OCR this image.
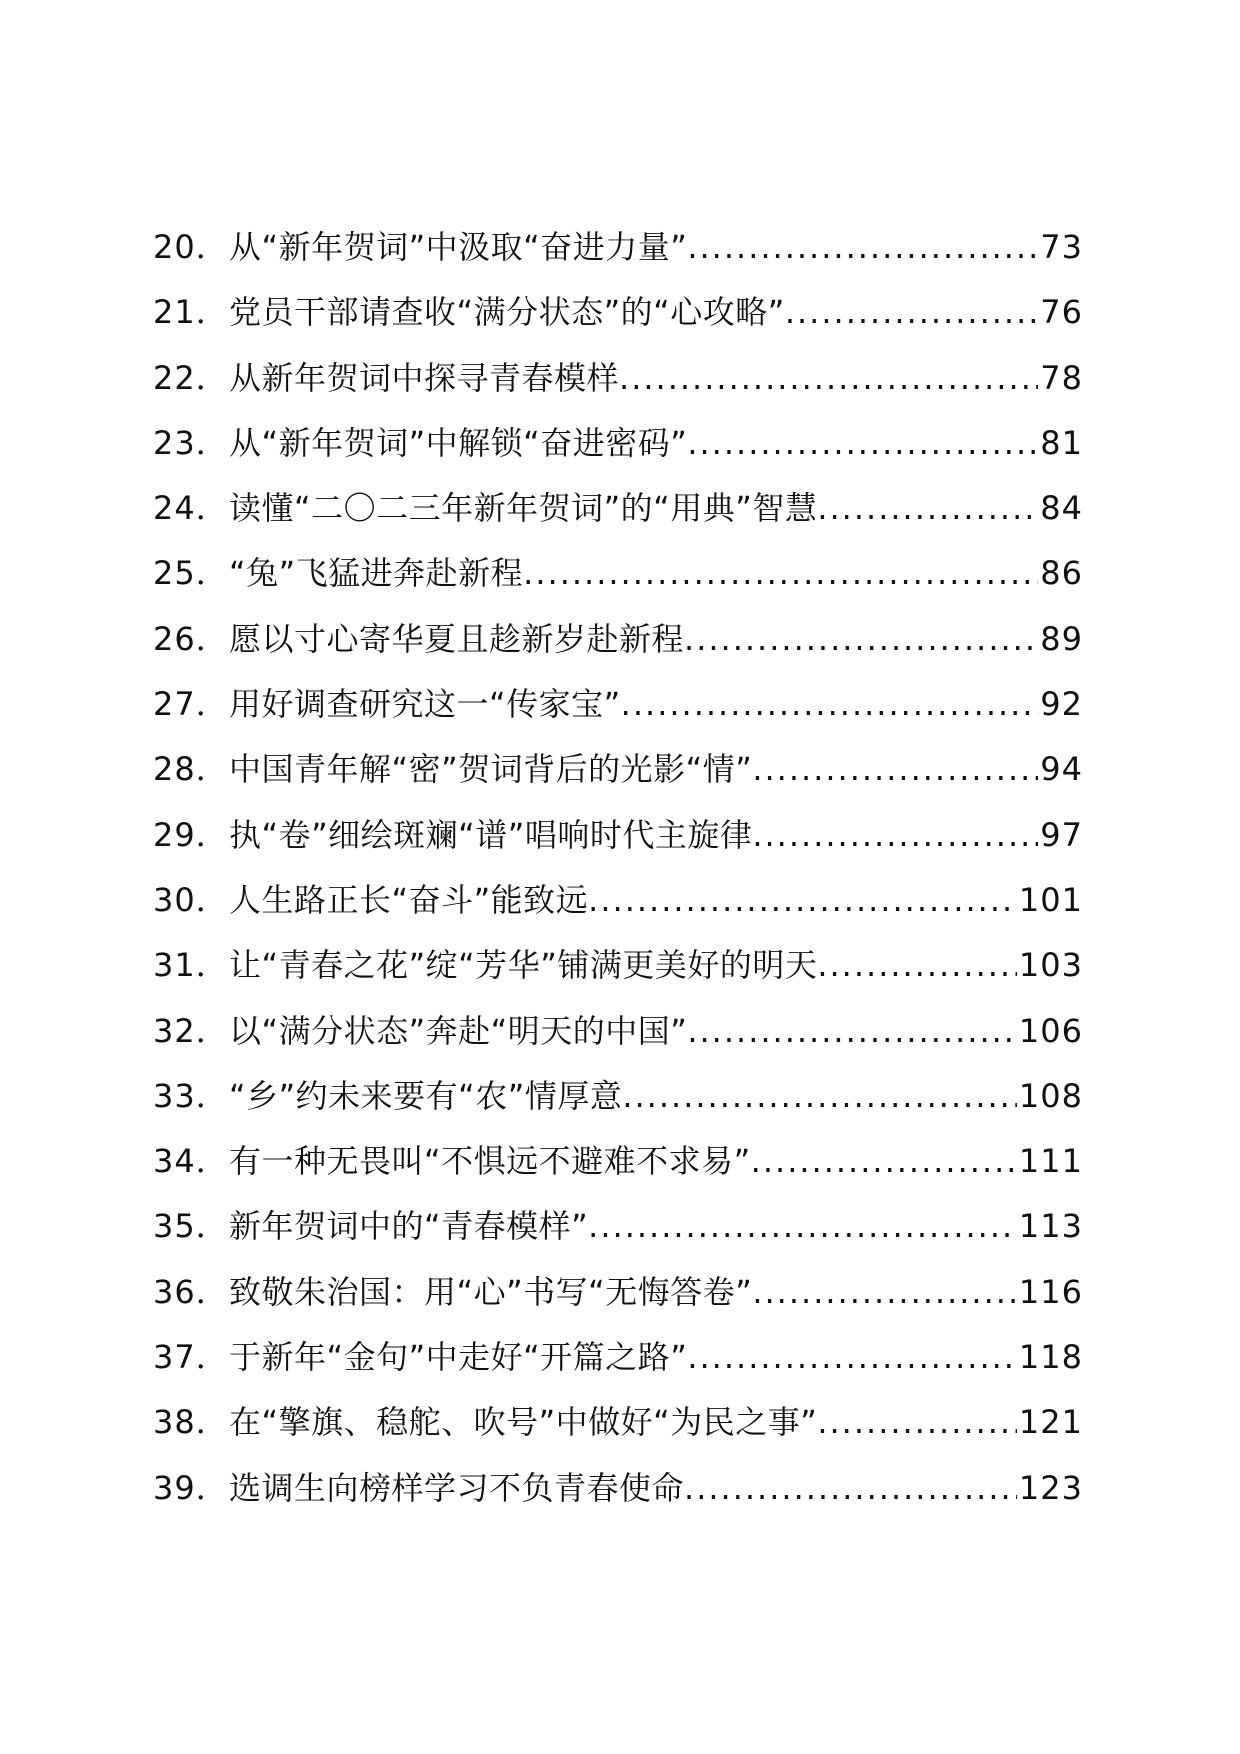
20． 从“新年贺词”中汲取“奋进力量” .....	73
21． 党员干部请查收“满分状态”的“心攻略” .....	76
22． 从新年贺词中探寻青春模样 .....	78
23． 从“新年贺词”中解锁“奋进密码” .....	81
24． 读懂“二〇二三年新年贺词”的“用典”智慧 .....	84
25． “兔”飞猛进奔赴新程 .....	86
26． 愿以寸心寄华夏且趁新岁赴新程 .....	89
27． 用好调查研究这一“传家宝” .....	92
28． 中国青年解“密”贺词背后的光影“情” .....	94
29． 执“卷”细绘斑斓“谱”唱响时代主旋律 .....	97
30． 人生路正长“奋斗”能致远 .....	101
31． 让“青春之花”绽“芳华”铺满更美好的明天 .....	103
32． 以“满分状态”奔赴“明天的中国” .....	106
33． “乡”约未来要有“农”情厚意 .....	108
34． 有一种无畏叫“不惧远不避难不求易” .....	111
35． 新年贺词中的“青春模样” .....	113
36． 致敬朱治国：用“心”书写“无悔答卷” .....	116
37． 于新年“金句”中走好“开篇之路” .....	118
38． 在“擎旗、稳舵、吹号”中做好“为民之事” .....	121
39． 选调生向榜样学习不负青春使命 .....	123
